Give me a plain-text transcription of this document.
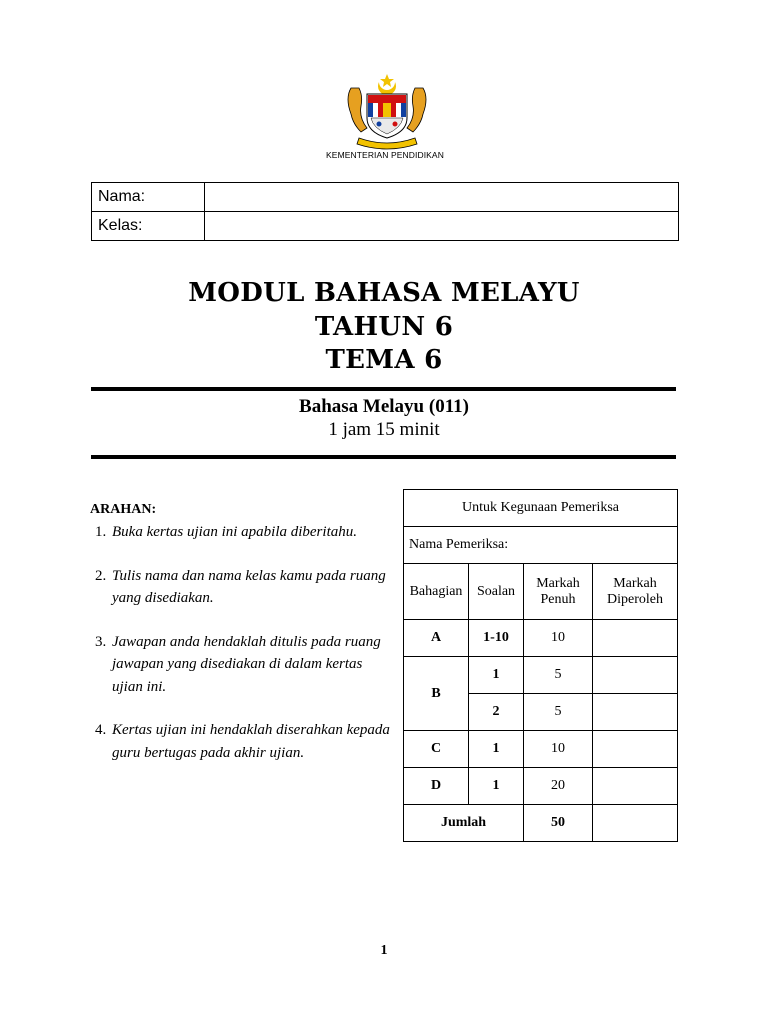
KEMENTERIAN PENDIDIKAN
Nama:	
Kelas:	
MODUL BAHASA MELAYU
TAHUN 6
TEMA 6
Bahasa Melayu (011)
1 jam 15 minit
ARAHAN:
1. Buka kertas ujian ini apabila diberitahu.
2. Tulis nama dan nama kelas kamu pada ruang yang disediakan.
3. Jawapan anda hendaklah ditulis pada ruang jawapan yang disediakan di dalam kertas ujian ini.
4. Kertas ujian ini hendaklah diserahkan kepada guru bertugas pada akhir ujian.
Untuk Kegunaan Pemeriksa			
Nama Pemeriksa:			
Bahagian	Soalan	Markah Penuh	Markah Diperoleh
A	1-10	10	
B	1	5	
	2	5	
C	1	10	
D	1	20	
Jumlah		50	
1
